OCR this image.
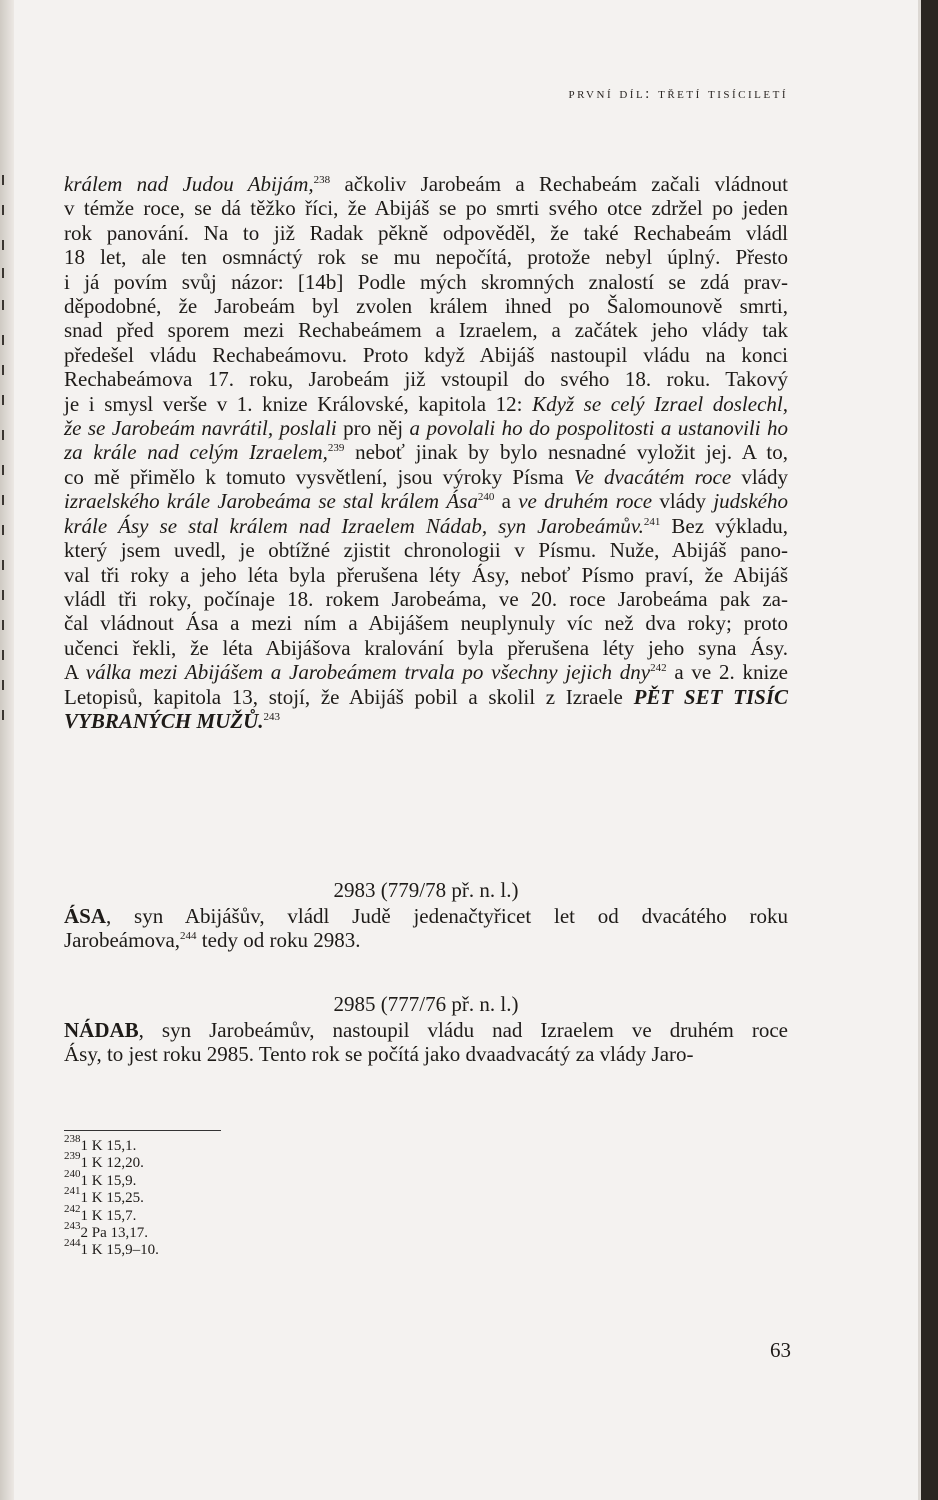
první díl: třetí tisíciletí
králem nad Judou Abijám,$^{238}$ ačkoliv Jarobeám a Rechabeám začali vládnout
v témže roce, se dá těžko říci, že Abijáš se po smrti svého otce zdržel po jeden
rok panování. Na to již Radak pěkně odpověděl, že také Rechabeám vládl
18 let, ale ten osmnáctý rok se mu nepočítá, protože nebyl úplný. Přesto
i já povím svůj názor: [14b] Podle mých skromných znalostí se zdá prav-
děpodobné, že Jarobeám byl zvolen králem ihned po Šalomounově smrti,
snad před sporem mezi Rechabeámem a Izraelem, a začátek jeho vlády tak
předešel vládu Rechabeámovu. Proto když Abijáš nastoupil vládu na konci
Rechabeámova 17. roku, Jarobeám již vstoupil do svého 18. roku. Takový
je i smysl verše v 1. knize Královské, kapitola 12: Když se celý Izrael doslechl,
že se Jarobeám navrátil, poslali pro něj a povolali ho do pospolitosti a ustanovili ho
za krále nad celým Izraelem,$^{239}$ neboť jinak by bylo nesnadné vyložit jej. A to,
co mě přimělo k tomuto vysvětlení, jsou výroky Písma Ve dvacátém roce vlády
izraelského krále Jarobeáma se stal králem Ása$^{240}$ a ve druhém roce vlády judského
krále Ásy se stal králem nad Izraelem Nádab, syn Jarobeámův.$^{241}$ Bez výkladu,
který jsem uvedl, je obtížné zjistit chronologii v Písmu. Nuže, Abijáš pano-
val tři roky a jeho léta byla přerušena léty Ásy, neboť Písmo praví, že Abijáš
vládl tři roky, počínaje 18. rokem Jarobeáma, ve 20. roce Jarobeáma pak za-
čal vládnout Ása a mezi ním a Abijášem neuplynuly víc než dva roky; proto
učenci řekli, že léta Abijášova kralování byla přerušena léty jeho syna Ásy.
A válka mezi Abijášem a Jarobeámem trvala po všechny jejich dny$^{242}$ a ve 2. knize
Letopisů, kapitola 13, stojí, že Abijáš pobil a skolil z Izraele PĚT SET TISÍC
VYBRANÝCH MUŽŮ.$^{243}$
2983 (779/78 př. n. l.)
ÁSA, syn Abijášův, vládl Judě jedenačtyřicet let od dvacátého roku
Jarobeámova,$^{244}$ tedy od roku 2983.
2985 (777/76 př. n. l.)
NÁDAB, syn Jarobeámův, nastoupil vládu nad Izraelem ve druhém roce
Ásy, to jest roku 2985. Tento rok se počítá jako dvaadvacátý za vlády Jaro-
$^{238}$1 K 15,1.
$^{239}$1 K 12,20.
$^{240}$1 K 15,9.
$^{241}$1 K 15,25.
$^{242}$1 K 15,7.
$^{243}$2 Pa 13,17.
$^{244}$1 K 15,9–10.
63
